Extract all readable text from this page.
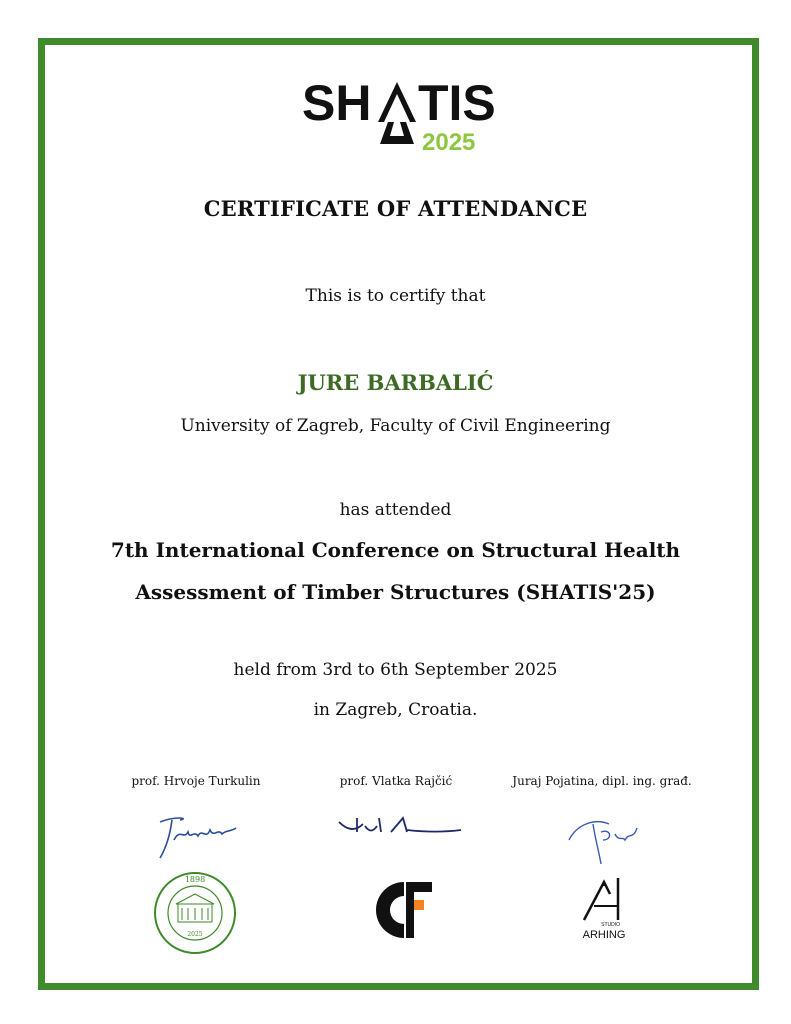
SH TIS
2025
CERTIFICATE OF ATTENDANCE
This is to certify that
JURE BARBALIĆ
University of Zagreb, Faculty of Civil Engineering
has attended
7th International Conference on Structural Health
Assessment of Timber Structures (SHATIS'25)
held from 3rd to 6th September 2025
in Zagreb, Croatia.
prof. Hrvoje Turkulin	prof. Vlatka Rajčić	Juraj Pojatina, dipl. ing. građ.
1898
2025
STUDIO
ARHING
